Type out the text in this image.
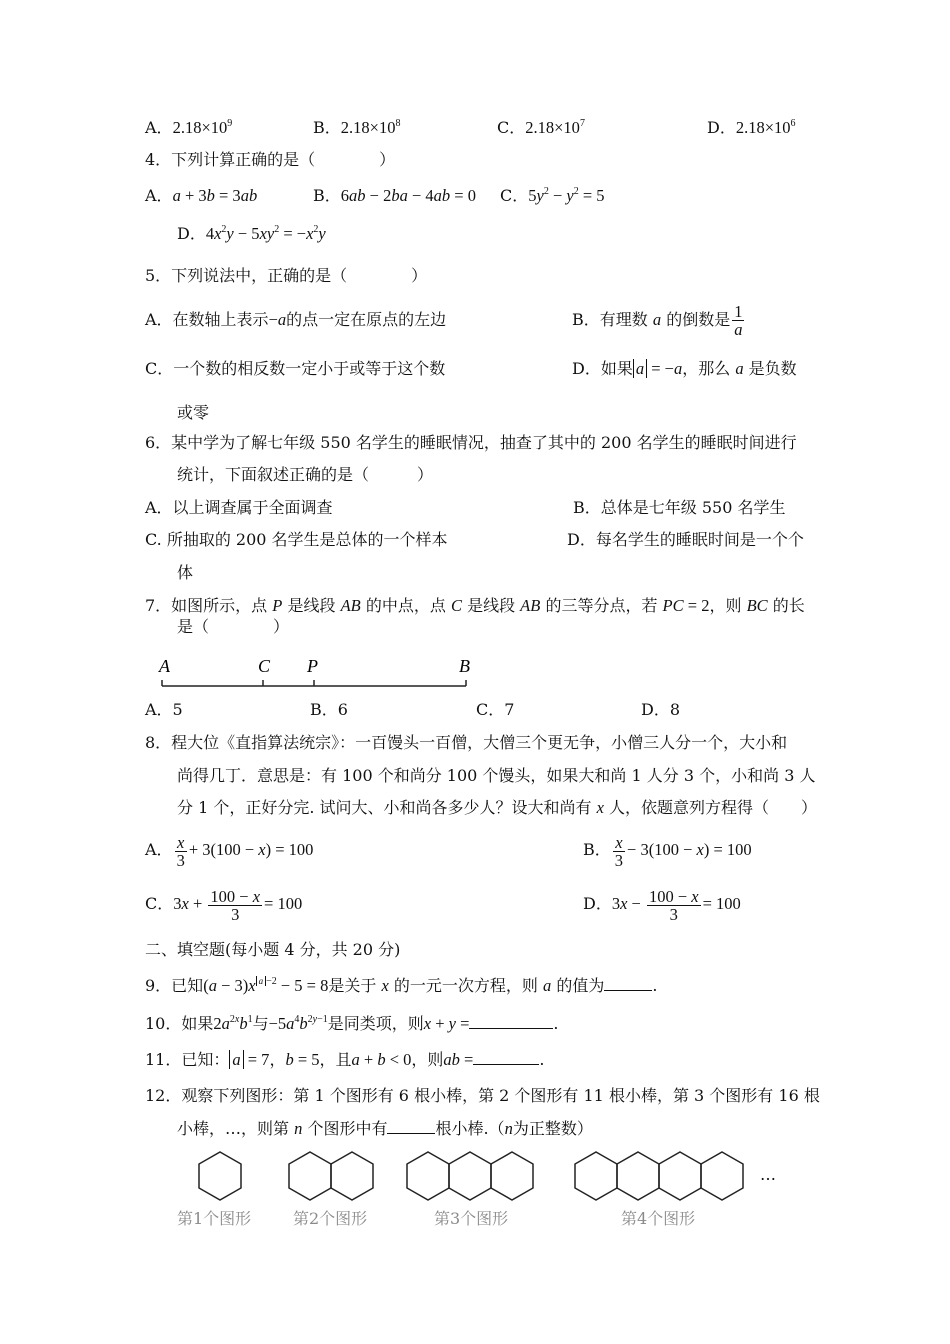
A．$2.18\times 10^9$	B．$2.18\times 10^8$	C．$2.18\times 10^7$	D．$2.18\times 10^6$
4．下列计算正确的是（　　　　）
A．a + 3b = 3ab	B．6ab − 2ba − 4ab = 0 C．$5y^2 - y^2 = 5$
D．$4x^2y - 5xy^2 = -x^2y$
5．下列说法中，正确的是（　　　　）
A．在数轴上表示−a的点一定在原点的左边	B．有理数 a 的倒数是 $\frac{1}{a}$
C．一个数的相反数一定小于或等于这个数	D．如果 a = −a，那么 a 是负数
或零
6．某中学为了解七年级 550 名学生的睡眠情况，抽查了其中的 200 名学生的睡眠时间进行
统计，下面叙述正确的是（　　　）
A．以上调查属于全面调查	B．总体是七年级 550 名学生
C. 所抽取的 200 名学生是总体的一个样本	D．每名学生的睡眠时间是一个个
体
7．如图所示，点 P 是线段 AB 的中点，点 C 是线段 AB 的三等分点，若 PC = 2，则 BC 的长
是（　　　　）
A	C P	B
A．5	B．6	C．7	D．8
8．程大位《直指算法统宗》：一百馒头一百僧，大僧三个更无争，小僧三人分一个，大小和
尚得几丁．意思是：有 100 个和尚分 100 个馒头，如果大和尚 1 人分 3 个，小和尚 3 人
分 1 个，正好分完. 试问大、小和尚各多少人？设大和尚有 x 人，依题意列方程得（　　）
A． $\frac{x}{3} + 3(100 - x) = 100$	B． $\frac{x}{3} - 3(100 - x) = 100$
C．$3x + \frac{100 - x}{3} = 100$	D．$3x - \frac{100 - x}{3} = 100$
二、填空题(每小题 4 分，共 20 分)
9．已知(a − 3)x $^{a -2}$ − 5 = 8是关于 x 的一元一次方程，则 a 的值为	.
10．如果$2a^{2x}b^1$与$-5a^4b^{2y-1}$是同类项，则x + y =	.
11．已知： a = 7，b = 5，且a + b < 0，则ab =	.
12．观察下列图形：第 1 个图形有 6 根小棒，第 2 个图形有 11 根小棒，第 3 个图形有 16 根
小棒，…，则第 n 个图形中有	根小棒.（n为正整数）
…
第1个图形	第2个图形	第3个图形	第4个图形
